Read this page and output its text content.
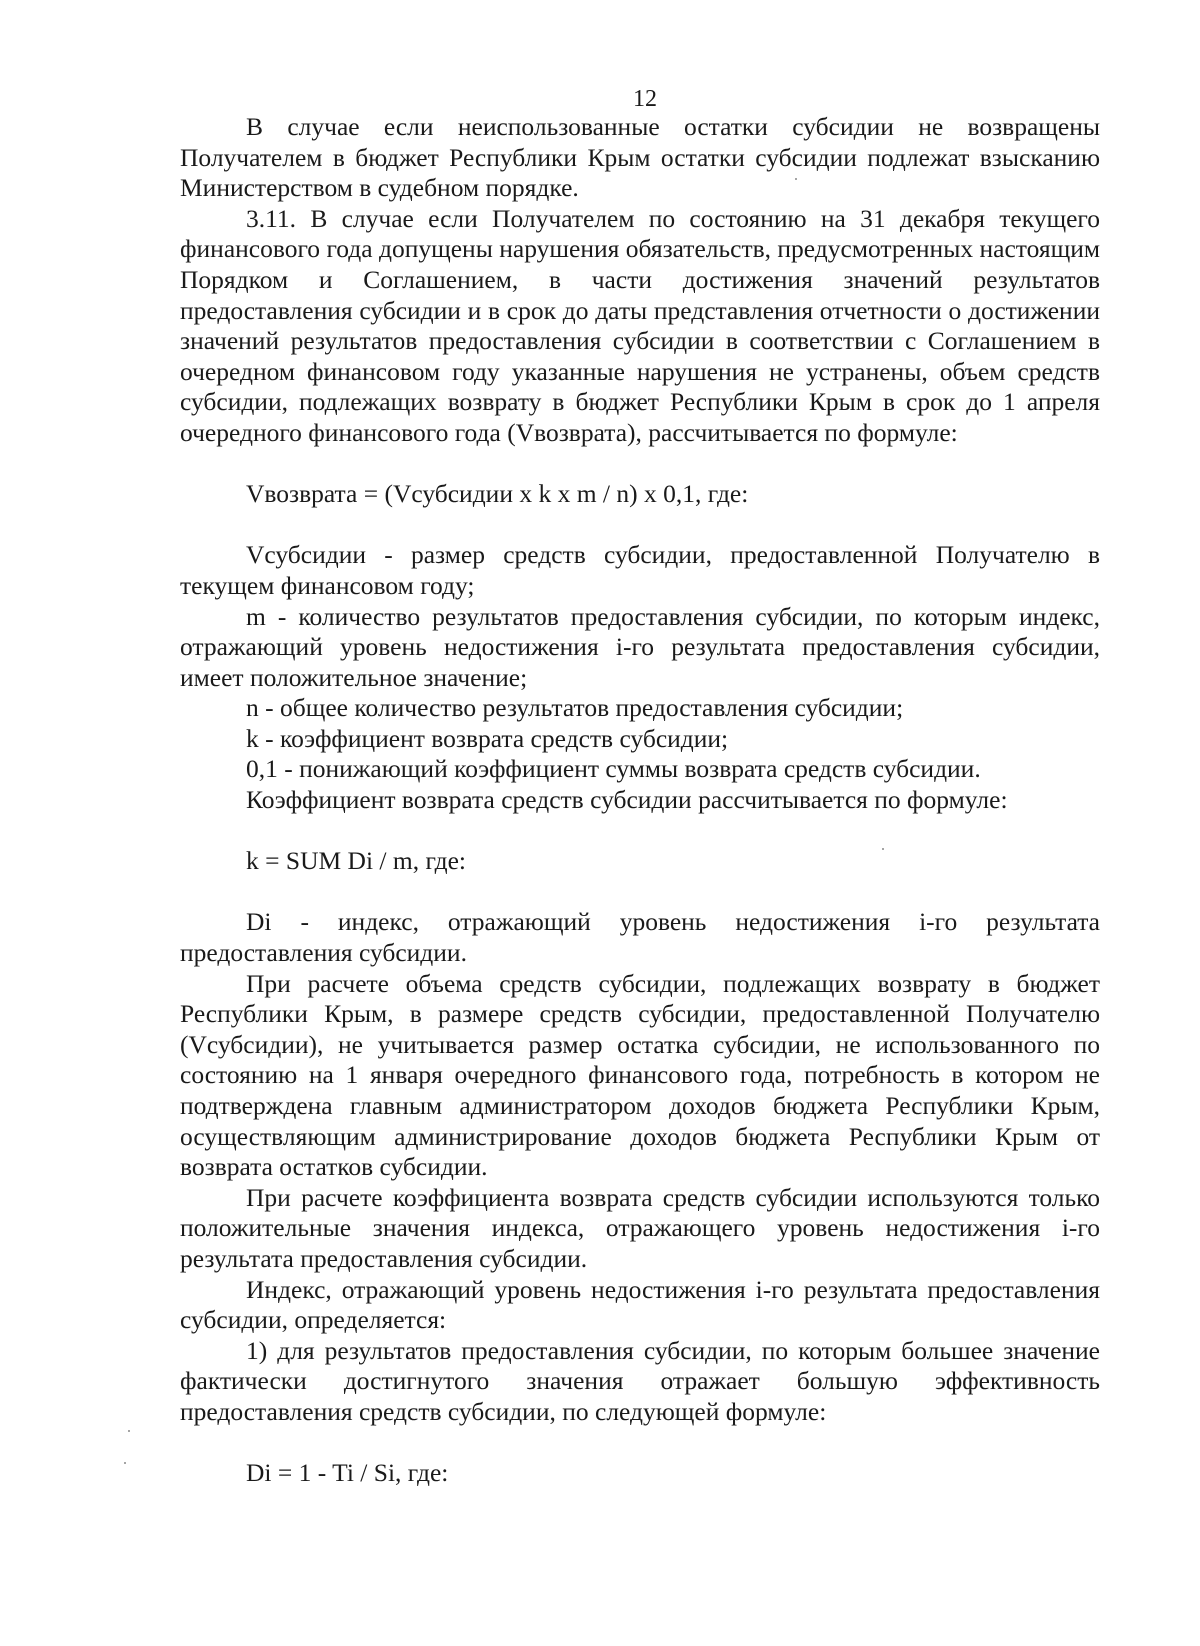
12

В случае если неиспользованные остатки субсидии не возвращены Получателем в бюджет Республики Крым остатки субсидии подлежат взысканию Министерством в судебном порядке.

3.11. В случае если Получателем по состоянию на 31 декабря текущего финансового года допущены нарушения обязательств, предусмотренных настоящим Порядком и Соглашением, в части достижения значений результатов предоставления субсидии и в срок до даты представления отчетности о достижении значений результатов предоставления субсидии в соответствии с Соглашением в очередном финансовом году указанные нарушения не устранены, объем средств субсидии, подлежащих возврату в бюджет Республики Крым в срок до 1 апреля очередного финансового года (Vвозврата), рассчитывается по формуле:

Vвозврата = (Vсубсидии x k x m / n) x 0,1, где:

Vсубсидии - размер средств субсидии, предоставленной Получателю в текущем финансовом году;

m - количество результатов предоставления субсидии, по которым индекс, отражающий уровень недостижения i-го результата предоставления субсидии, имеет положительное значение;

n - общее количество результатов предоставления субсидии;

k - коэффициент возврата средств субсидии;

0,1 - понижающий коэффициент суммы возврата средств субсидии.

Коэффициент возврата средств субсидии рассчитывается по формуле:

k = SUM Di / m, где:

Di - индекс, отражающий уровень недостижения i-го результата предоставления субсидии.

При расчете объема средств субсидии, подлежащих возврату в бюджет Республики Крым, в размере средств субсидии, предоставленной Получателю (Vсубсидии), не учитывается размер остатка субсидии, не использованного по состоянию на 1 января очередного финансового года, потребность в котором не подтверждена главным администратором доходов бюджета Республики Крым, осуществляющим администрирование доходов бюджета Республики Крым от возврата остатков субсидии.

При расчете коэффициента возврата средств субсидии используются только положительные значения индекса, отражающего уровень недостижения i-го результата предоставления субсидии.

Индекс, отражающий уровень недостижения i-го результата предоставления субсидии, определяется:

1) для результатов предоставления субсидии, по которым большее значение фактически достигнутого значения отражает большую эффективность предоставления средств субсидии, по следующей формуле:

Di = 1 - Ti / Si, где:
